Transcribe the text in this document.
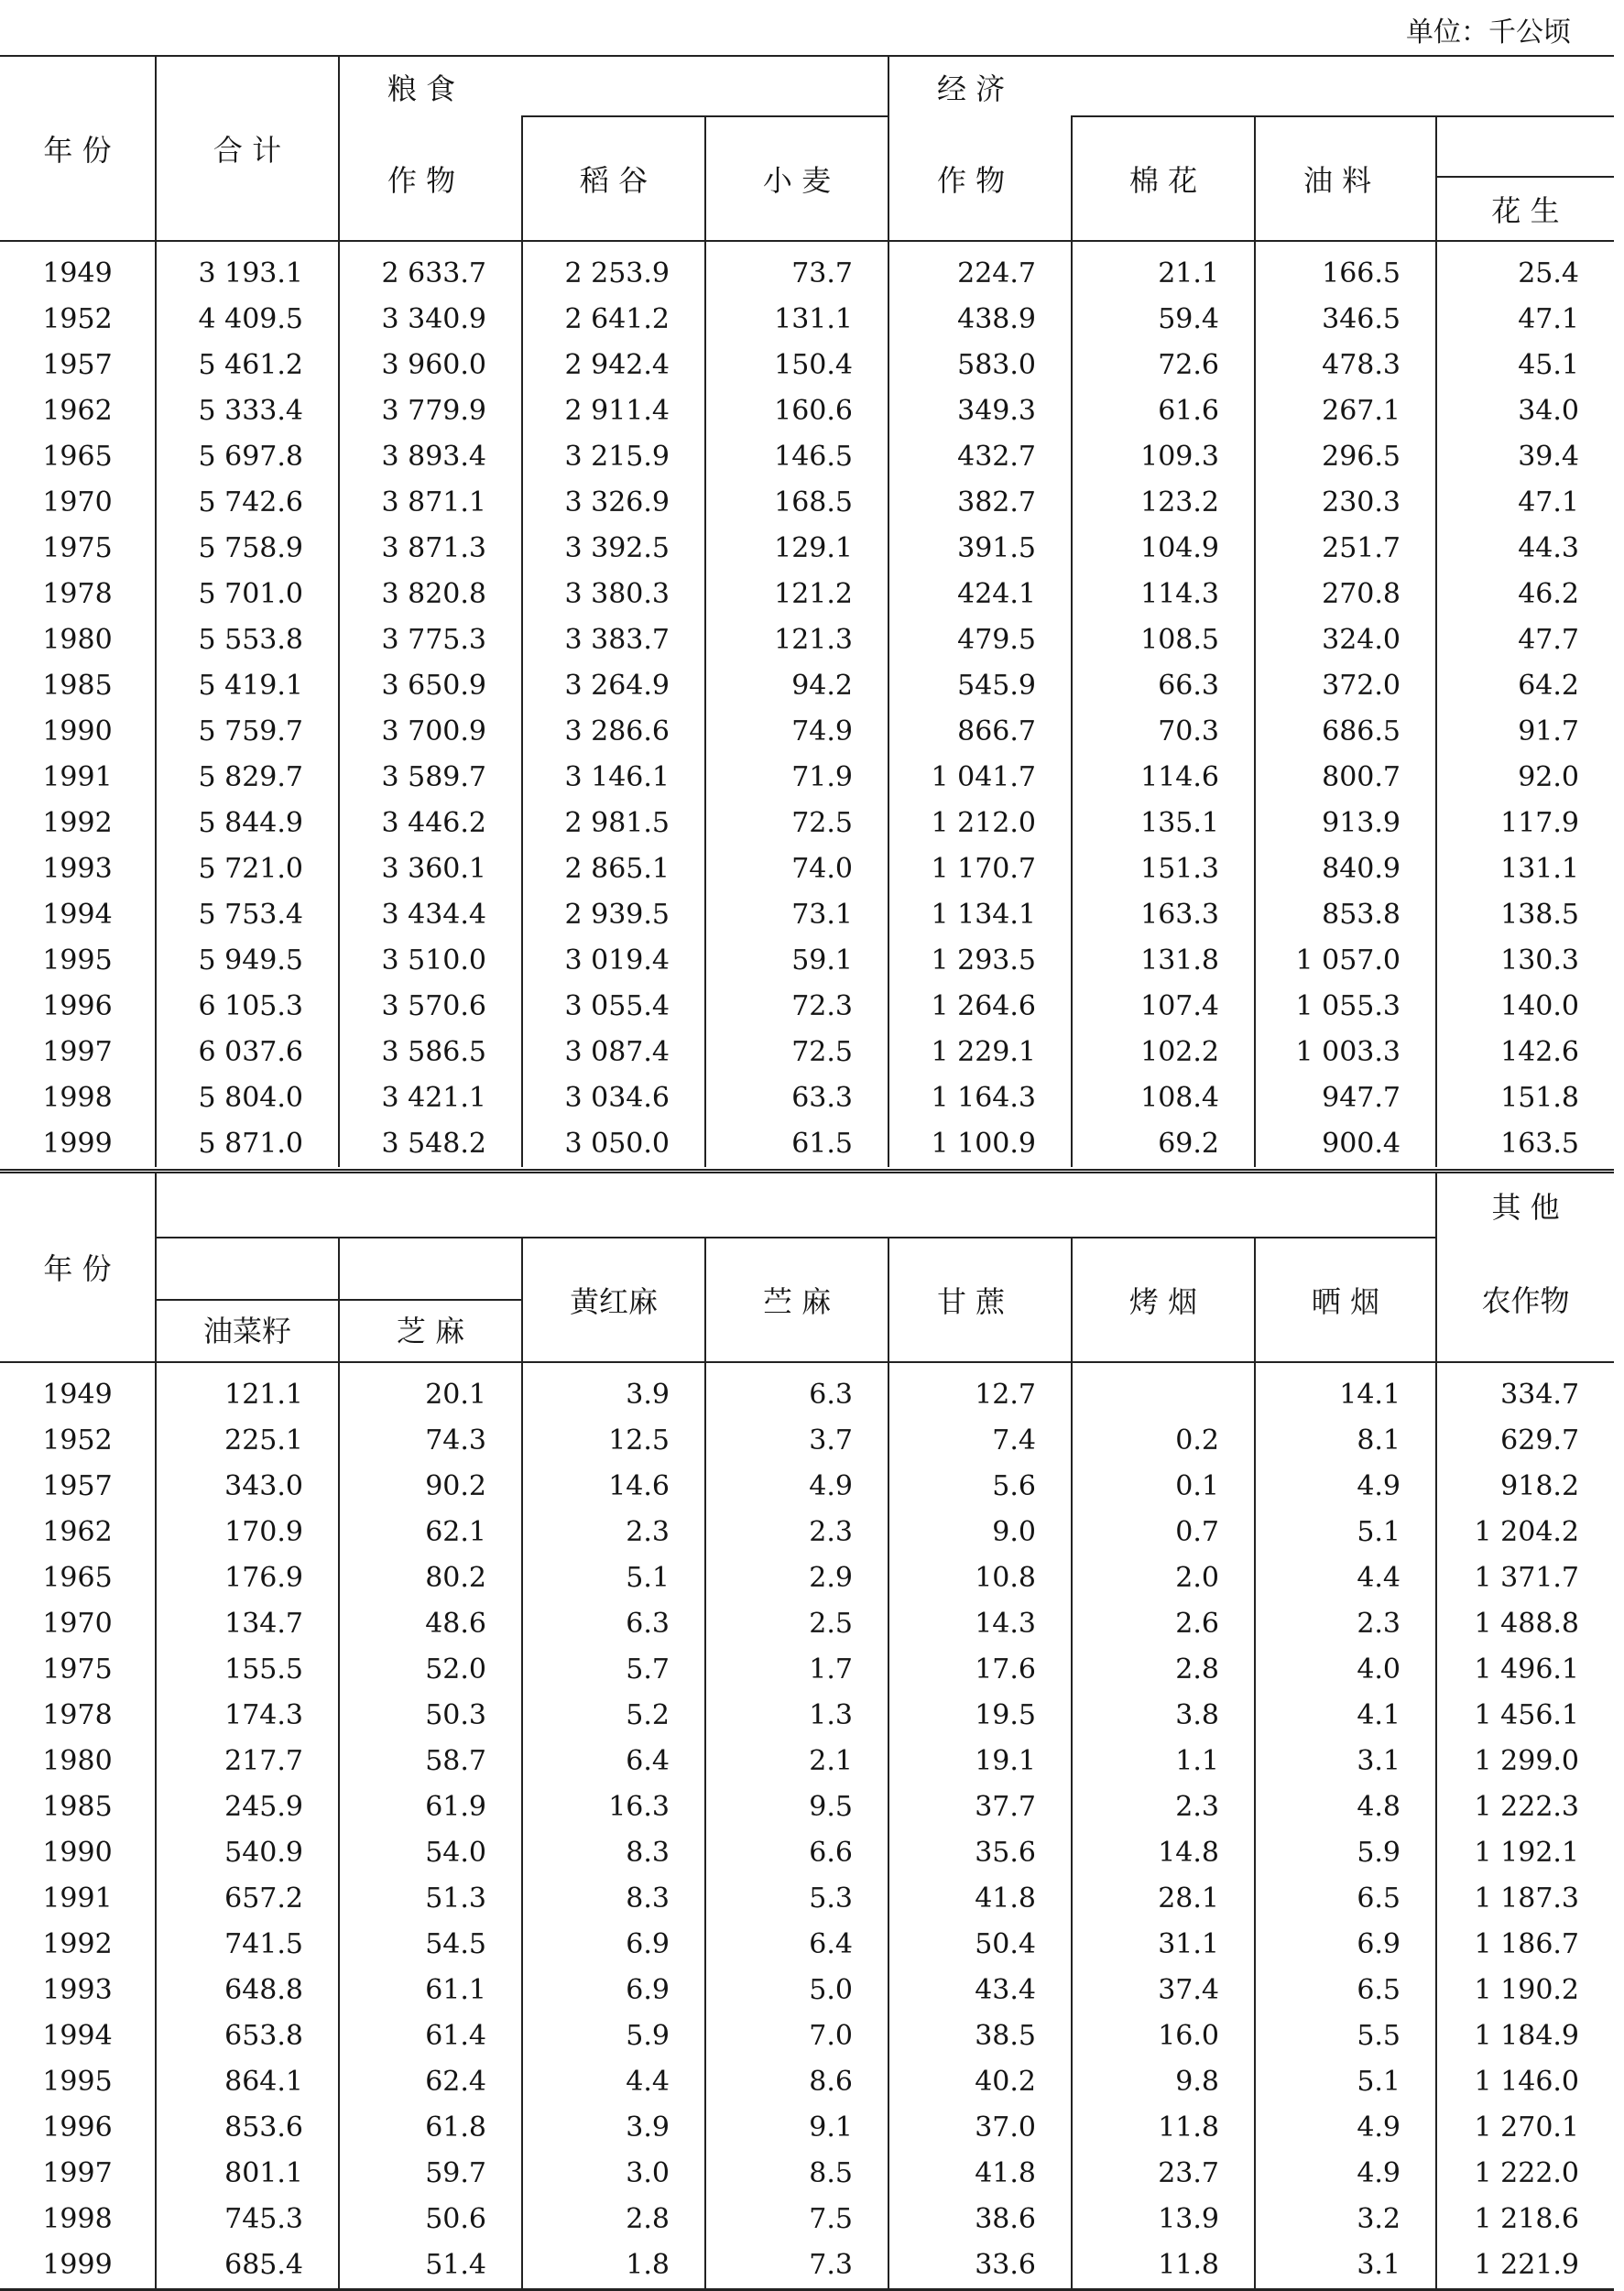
单位：千公顷
年 份	合 计	粮 食			经 济			
		作 物	稻 谷	小 麦	作 物	棉 花	油 料	
								花 生
1949	3 193.1	2 633.7	2 253.9	73.7	224.7	21.1	166.5	25.4
1952	4 409.5	3 340.9	2 641.2	131.1	438.9	59.4	346.5	47.1
1957	5 461.2	3 960.0	2 942.4	150.4	583.0	72.6	478.3	45.1
1962	5 333.4	3 779.9	2 911.4	160.6	349.3	61.6	267.1	34.0
1965	5 697.8	3 893.4	3 215.9	146.5	432.7	109.3	296.5	39.4
1970	5 742.6	3 871.1	3 326.9	168.5	382.7	123.2	230.3	47.1
1975	5 758.9	3 871.3	3 392.5	129.1	391.5	104.9	251.7	44.3
1978	5 701.0	3 820.8	3 380.3	121.2	424.1	114.3	270.8	46.2
1980	5 553.8	3 775.3	3 383.7	121.3	479.5	108.5	324.0	47.7
1985	5 419.1	3 650.9	3 264.9	94.2	545.9	66.3	372.0	64.2
1990	5 759.7	3 700.9	3 286.6	74.9	866.7	70.3	686.5	91.7
1991	5 829.7	3 589.7	3 146.1	71.9	1 041.7	114.6	800.7	92.0
1992	5 844.9	3 446.2	2 981.5	72.5	1 212.0	135.1	913.9	117.9
1993	5 721.0	3 360.1	2 865.1	74.0	1 170.7	151.3	840.9	131.1
1994	5 753.4	3 434.4	2 939.5	73.1	1 134.1	163.3	853.8	138.5
1995	5 949.5	3 510.0	3 019.4	59.1	1 293.5	131.8	1 057.0	130.3
1996	6 105.3	3 570.6	3 055.4	72.3	1 264.6	107.4	1 055.3	140.0
1997	6 037.6	3 586.5	3 087.4	72.5	1 229.1	102.2	1 003.3	142.6
1998	5 804.0	3 421.1	3 034.6	63.3	1 164.3	108.4	947.7	151.8
1999	5 871.0	3 548.2	3 050.0	61.5	1 100.9	69.2	900.4	163.5
年 份								其 他

	油菜籽	芝 麻	黄红麻	苎 麻	甘 蔗	烤 烟	晒 烟	农作物
1949	121.1	20.1	3.9	6.3	12.7		14.1	334.7
1952	225.1	74.3	12.5	3.7	7.4	0.2	8.1	629.7
1957	343.0	90.2	14.6	4.9	5.6	0.1	4.9	918.2
1962	170.9	62.1	2.3	2.3	9.0	0.7	5.1	1 204.2
1965	176.9	80.2	5.1	2.9	10.8	2.0	4.4	1 371.7
1970	134.7	48.6	6.3	2.5	14.3	2.6	2.3	1 488.8
1975	155.5	52.0	5.7	1.7	17.6	2.8	4.0	1 496.1
1978	174.3	50.3	5.2	1.3	19.5	3.8	4.1	1 456.1
1980	217.7	58.7	6.4	2.1	19.1	1.1	3.1	1 299.0
1985	245.9	61.9	16.3	9.5	37.7	2.3	4.8	1 222.3
1990	540.9	54.0	8.3	6.6	35.6	14.8	5.9	1 192.1
1991	657.2	51.3	8.3	5.3	41.8	28.1	6.5	1 187.3
1992	741.5	54.5	6.9	6.4	50.4	31.1	6.9	1 186.7
1993	648.8	61.1	6.9	5.0	43.4	37.4	6.5	1 190.2
1994	653.8	61.4	5.9	7.0	38.5	16.0	5.5	1 184.9
1995	864.1	62.4	4.4	8.6	40.2	9.8	5.1	1 146.0
1996	853.6	61.8	3.9	9.1	37.0	11.8	4.9	1 270.1
1997	801.1	59.7	3.0	8.5	41.8	23.7	4.9	1 222.0
1998	745.3	50.6	2.8	7.5	38.6	13.9	3.2	1 218.6
1999	685.4	51.4	1.8	7.3	33.6	11.8	3.1	1 221.9
